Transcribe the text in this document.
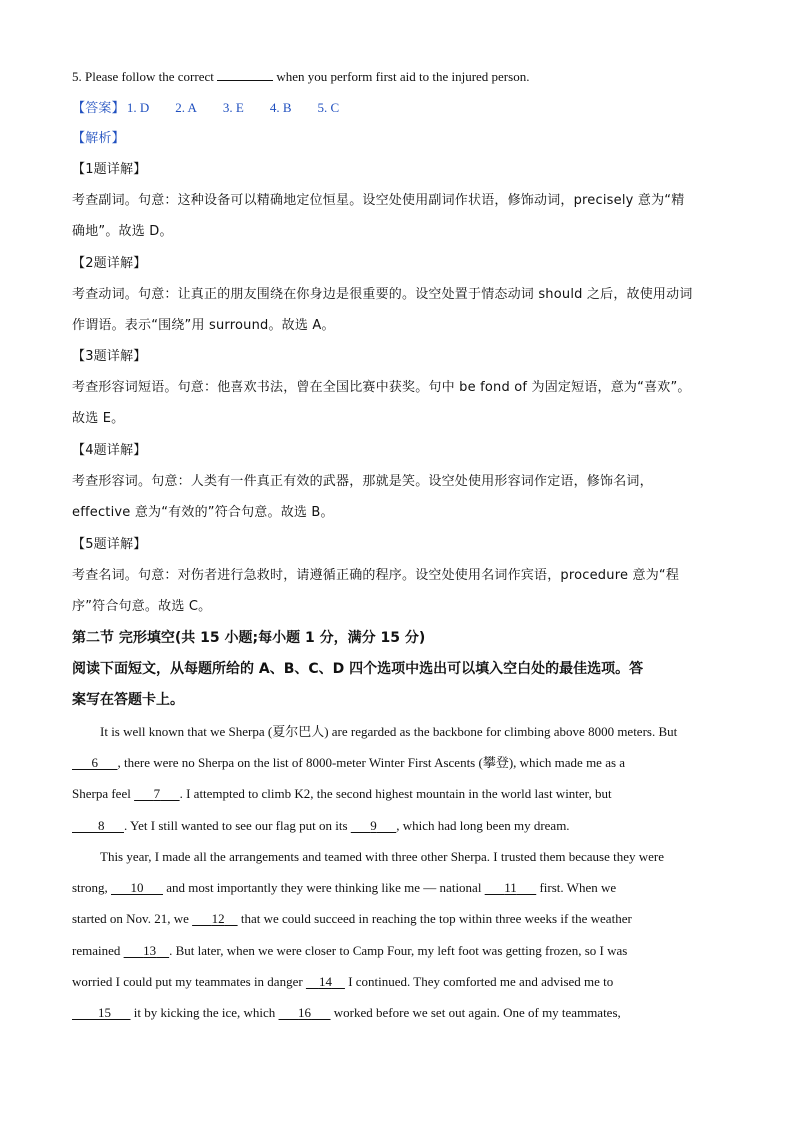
5. Please follow the correct	when you perform first aid to the injured person.
【答案】 1. D 2. A 3. E 4. B 5. C
【解析】
【1题详解】
考查副词。句意：这种设备可以精确地定位恒星。设空处使用副词作状语，修饰动词，precisely 意为“精
确地”。故选 D。
【2题详解】
考查动词。句意：让真正的朋友围绕在你身边是很重要的。设空处置于情态动词 should 之后，故使用动词
作谓语。表示“围绕”用 surround。故选 A。
【3题详解】
考查形容词短语。句意：他喜欢书法，曾在全国比赛中获奖。句中 be fond of 为固定短语，意为“喜欢”。
故选 E。
【4题详解】
考查形容词。句意：人类有一件真正有效的武器，那就是笑。设空处使用形容词作定语，修饰名词，
effective 意为“有效的”符合句意。故选 B。
【5题详解】
考查名词。句意：对伤者进行急救时，请遵循正确的程序。设空处使用名词作宾语，procedure 意为“程
序”符合句意。故选 C。
第二节 完形填空(共 15 小题;每小题 1 分，满分 15 分)
阅读下面短文，从每题所给的 A、B、C、D 四个选项中选出可以填入空白处的最佳选项。答
案写在答题卡上。
It is well known that we Sherpa (夏尔巴人) are regarded as the backbone for climbing above 8000 meters. But
   6    , there were no Sherpa on the list of 8000-meter Winter First Ascents (攀登), which made me as a
Sherpa feel    7    . I attempted to climb K2, the second highest mountain in the world last winter, but
    8    . Yet I still wanted to see our flag put on its    9    , which had long been my dream.
This year, I made all the arrangements and teamed with three other Sherpa. I trusted them because they were
strong,    10    and most importantly they were thinking like me — national    11    first. When we
started on Nov. 21, we    12   that we could succeed in reaching the top within three weeks if the weather
remained    13   . But later, when we were closer to Camp Four, my left foot was getting frozen, so I was
worried I could put my teammates in danger   14   I continued. They comforted me and advised me to
    15    it by kicking the ice, which    16    worked before we set out again. One of my teammates,
